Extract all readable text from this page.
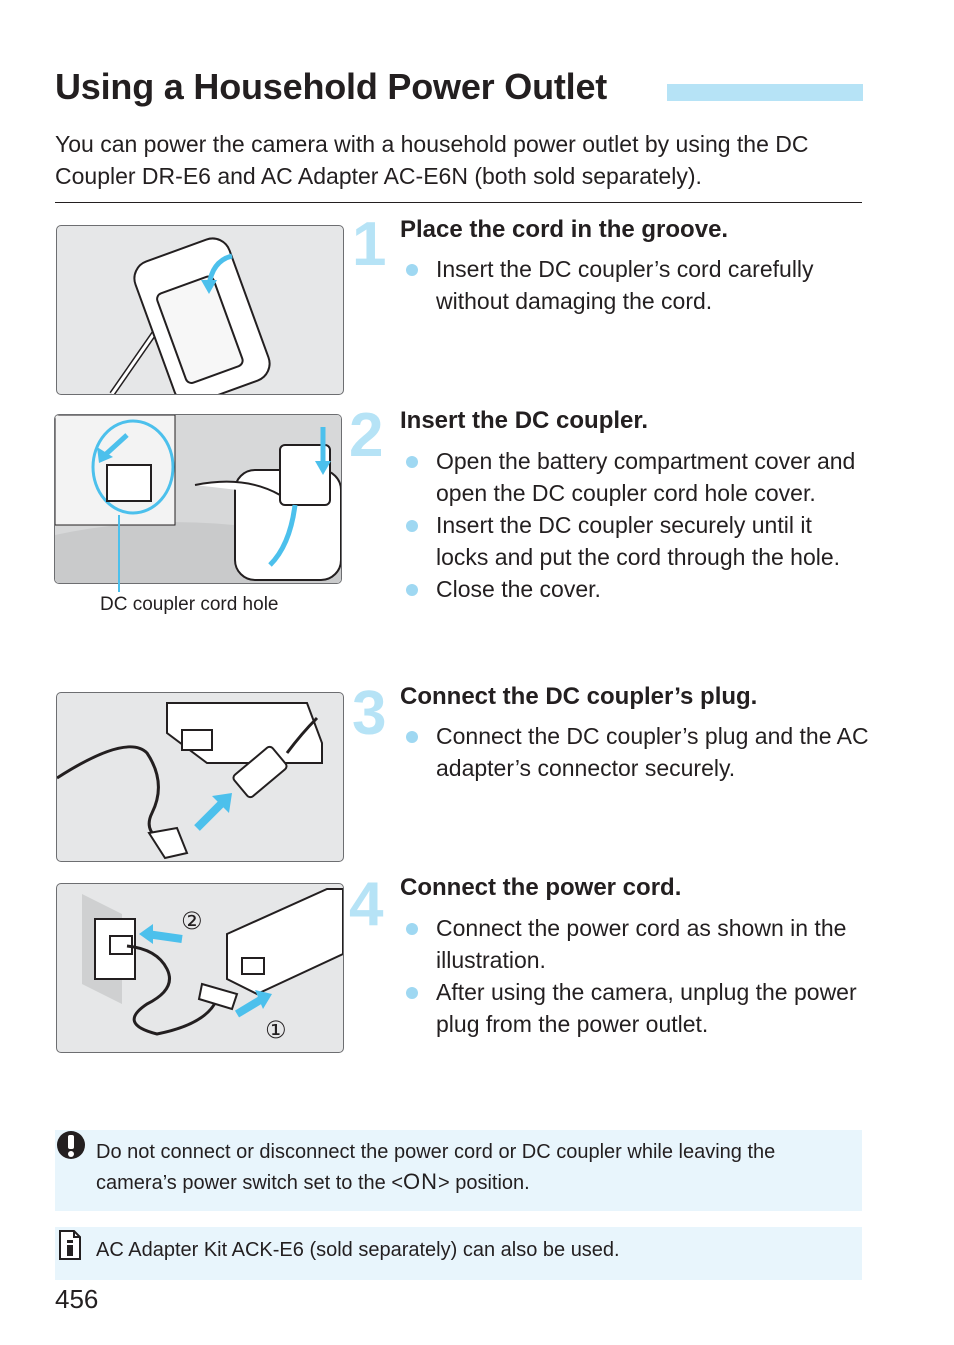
Using a Household Power Outlet

You can power the camera with a household power outlet by using the DC Coupler DR-E6 and AC Adapter AC-E6N (both sold separately).

1 Place the cord in the groove.
Insert the DC coupler’s cord carefully without damaging the cord.
DC coupler cord hole
2 Insert the DC coupler.
Open the battery compartment cover and open the DC coupler cord hole cover.
Insert the DC coupler securely until it locks and put the cord through the hole.
Close the cover.
3 Connect the DC coupler’s plug.
Connect the DC coupler’s plug and the AC adapter’s connector securely.
②
①
4 Connect the power cord.
Connect the power cord as shown in the illustration.
After using the camera, unplug the power plug from the power outlet.
Do not connect or disconnect the power cord or DC coupler while leaving the camera’s power switch set to the <ON> position.
AC Adapter Kit ACK-E6 (sold separately) can also be used.
456
